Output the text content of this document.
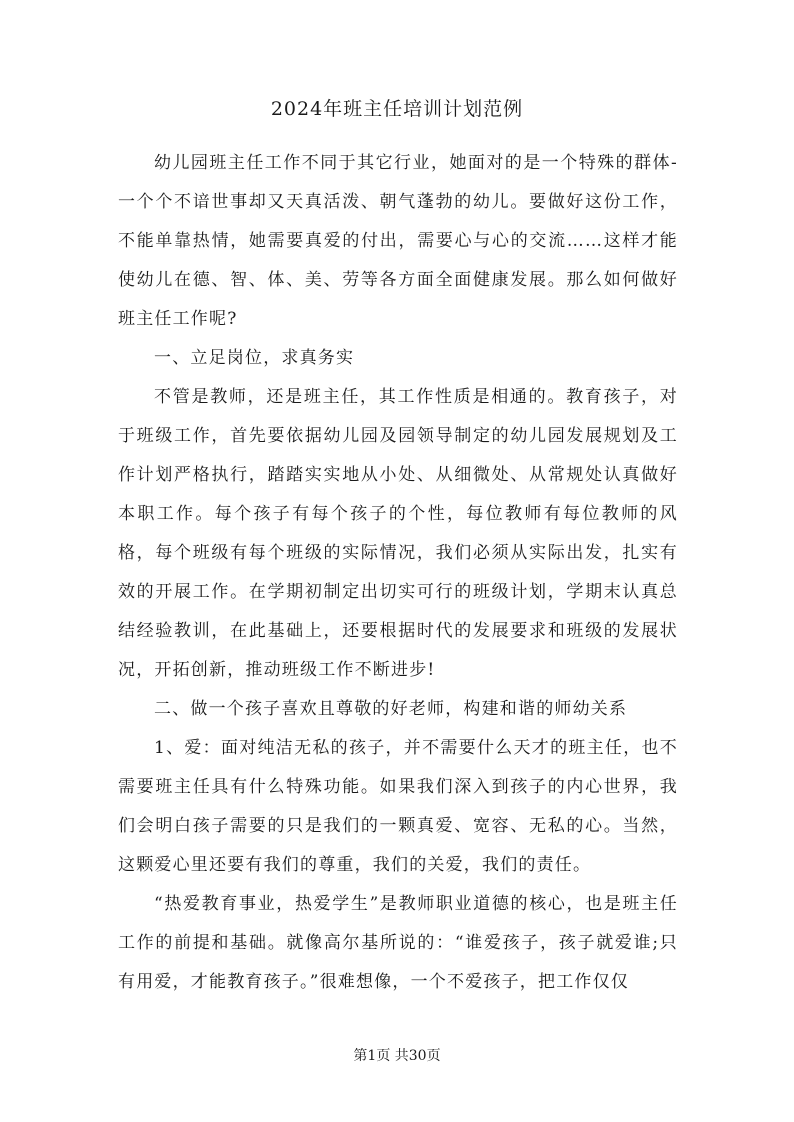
2024年班主任培训计划范例

幼儿园班主任工作不同于其它行业，她面对的是一个特殊的群体-一个个不谙世事却又天真活泼、朝气蓬勃的幼儿。要做好这份工作，不能单靠热情，她需要真爱的付出，需要心与心的交流……这样才能使幼儿在德、智、体、美、劳等各方面全面健康发展。那么如何做好班主任工作呢?

一、立足岗位，求真务实

不管是教师，还是班主任，其工作性质是相通的。教育孩子，对于班级工作，首先要依据幼儿园及园领导制定的幼儿园发展规划及工作计划严格执行，踏踏实实地从小处、从细微处、从常规处认真做好本职工作。每个孩子有每个孩子的个性，每位教师有每位教师的风格，每个班级有每个班级的实际情况，我们必须从实际出发，扎实有效的开展工作。在学期初制定出切实可行的班级计划，学期末认真总结经验教训，在此基础上，还要根据时代的发展要求和班级的发展状况，开拓创新，推动班级工作不断进步!

二、做一个孩子喜欢且尊敬的好老师，构建和谐的师幼关系

1、爱：面对纯洁无私的孩子，并不需要什么天才的班主任，也不需要班主任具有什么特殊功能。如果我们深入到孩子的内心世界，我们会明白孩子需要的只是我们的一颗真爱、宽容、无私的心。当然，这颗爱心里还要有我们的尊重，我们的关爱，我们的责任。

“热爱教育事业，热爱学生”是教师职业道德的核心，也是班主任工作的前提和基础。就像高尔基所说的：“谁爱孩子，孩子就爱谁;只有用爱，才能教育孩子。”很难想像，一个不爱孩子，把工作仅仅

第1页 共30页
